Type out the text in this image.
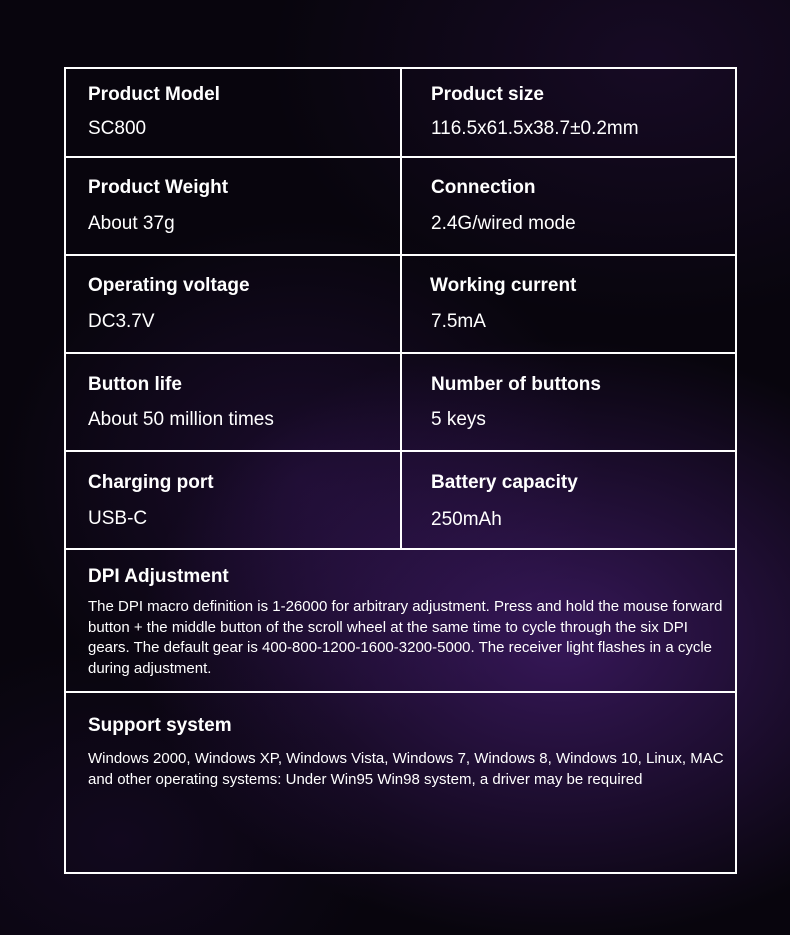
Product Model
SC800
Product size
116.5x61.5x38.7±0.2mm
Product Weight
About 37g
Connection
2.4G/wired mode
Operating voltage
DC3.7V
Working current
7.5mA
Button life
About 50 million times
Number of buttons
5 keys
Charging port
USB-C
Battery capacity
250mAh
DPI Adjustment
The DPI macro definition is 1-26000 for arbitrary adjustment. Press and hold the mouse forward button + the middle button of the scroll wheel at the same time to cycle through the six DPI gears. The default gear is 400-800-1200-1600-3200-5000. The receiver light flashes in a cycle during adjustment.
Support system
Windows 2000, Windows XP, Windows Vista, Windows 7, Windows 8, Windows 10, Linux, MAC and other operating systems: Under Win95 Win98 system, a driver may be required
